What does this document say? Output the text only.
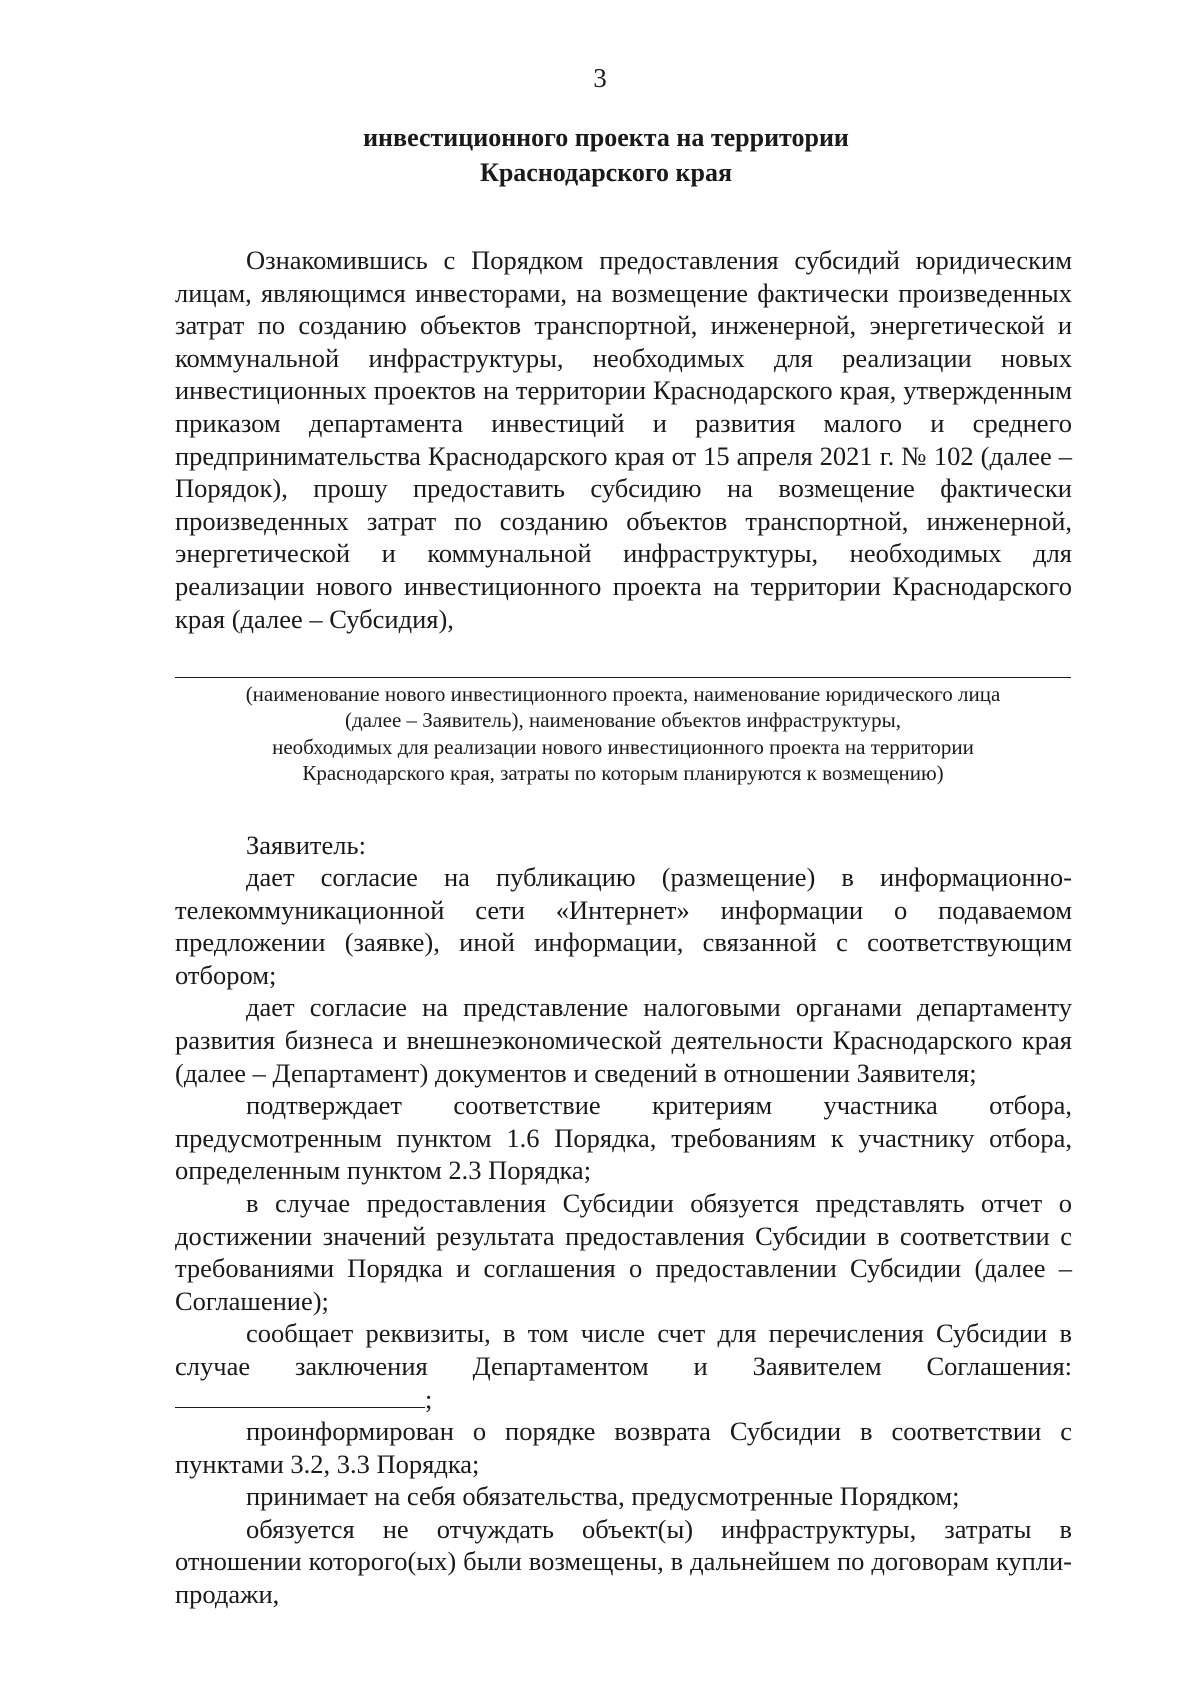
3
инвестиционного проекта на территории
Краснодарского края

Ознакомившись с Порядком предоставления субсидий юридическим лицам, являющимся инвесторами, на возмещение фактически произведенных затрат по созданию объектов транспортной, инженерной, энергетической и коммунальной инфраструктуры, необходимых для реализации новых инвестиционных проектов на территории Краснодарского края, утвержденным приказом департамента инвестиций и развития малого и среднего предпринимательства Краснодарского края от 15 апреля 2021 г. № 102 (далее – Порядок), прошу предоставить субсидию на возмещение фактически произведенных затрат по созданию объектов транспортной, инженерной, энергетической и коммунальной инфраструктуры, необходимых для реализации нового инвестиционного проекта на территории Краснодарского края (далее – Субсидия),

(наименование нового инвестиционного проекта, наименование юридического лица
(далее – Заявитель), наименование объектов инфраструктуры,
необходимых для реализации нового инвестиционного проекта на территории
Краснодарского края, затраты по которым планируются к возмещению)
Заявитель:

дает согласие на публикацию (размещение) в информационно-телекоммуникационной сети «Интернет» информации о подаваемом предложении (заявке), иной информации, связанной с соответствующим отбором;

дает согласие на представление налоговыми органами департаменту развития бизнеса и внешнеэкономической деятельности Краснодарского края (далее – Департамент) документов и сведений в отношении Заявителя;

подтверждает соответствие критериям участника отбора, предусмотренным пунктом 1.6 Порядка, требованиям к участнику отбора, определенным пунктом 2.3 Порядка;

в случае предоставления Субсидии обязуется представлять отчет о достижении значений результата предоставления Субсидии в соответствии с требованиями Порядка и соглашения о предоставлении Субсидии (далее – Соглашение);

сообщает реквизиты, в том числе счет для перечисления Субсидии в случае заключения Департаментом и Заявителем Соглашения: ;

проинформирован о порядке возврата Субсидии в соответствии с пунктами 3.2, 3.3 Порядка;

принимает на себя обязательства, предусмотренные Порядком;

обязуется не отчуждать объект(ы) инфраструктуры, затраты в отношении которого(ых) были возмещены, в дальнейшем по договорам купли-продажи,
